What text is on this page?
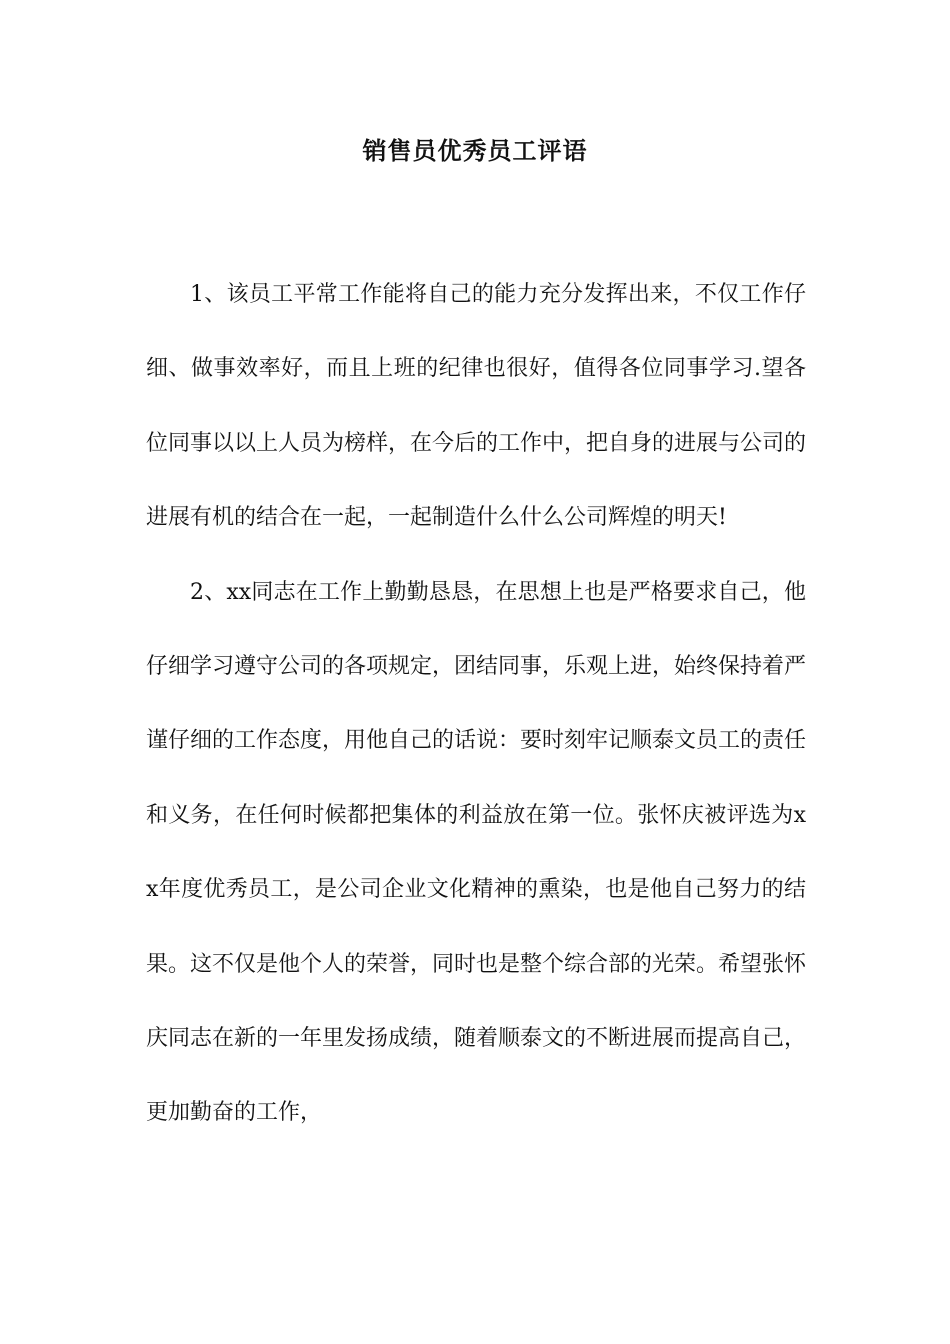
销售员优秀员工评语

1、该员工平常工作能将自己的能力充分发挥出来，不仅工作仔细、做事效率好，而且上班的纪律也很好，值得各位同事学习.望各位同事以以上人员为榜样，在今后的工作中，把自身的进展与公司的进展有机的结合在一起，一起制造什么什么公司辉煌的明天!

2、xx同志在工作上勤勤恳恳，在思想上也是严格要求自己，他仔细学习遵守公司的各项规定，团结同事，乐观上进，始终保持着严谨仔细的工作态度，用他自己的话说：要时刻牢记顺泰文员工的责任和义务，在任何时候都把集体的利益放在第一位。张怀庆被评选为xx年度优秀员工，是公司企业文化精神的熏染，也是他自己努力的结果。这不仅是他个人的荣誉，同时也是整个综合部的光荣。希望张怀庆同志在新的一年里发扬成绩，随着顺泰文的不断进展而提高自己，更加勤奋的工作，
